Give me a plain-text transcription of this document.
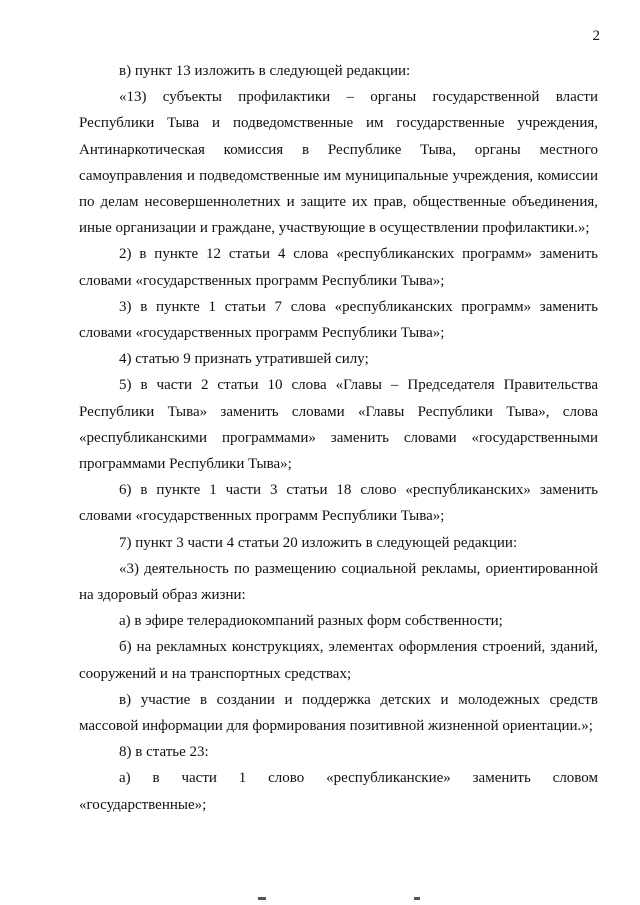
2

в) пункт 13 изложить в следующей редакции:

«13) субъекты профилактики – органы государственной власти Республики Тыва и подведомственные им государственные учреждения, Антинаркотическая комиссия в Республике Тыва, органы местного самоуправления и подведомственные им муниципальные учреждения, комиссии по делам несовершеннолетних и защите их прав, общественные объединения, иные организации и граждане, участвующие в осуществлении профилактики.»;

2) в пункте 12 статьи 4 слова «республиканских программ» заменить словами «государственных программ Республики Тыва»;

3) в пункте 1 статьи 7 слова «республиканских программ» заменить словами «государственных программ Республики Тыва»;

4) статью 9 признать утратившей силу;

5) в части 2 статьи 10 слова «Главы – Председателя Правительства Республики Тыва» заменить словами «Главы Республики Тыва», слова «республиканскими программами» заменить словами «государственными программами Республики Тыва»;

6) в пункте 1 части 3 статьи 18 слово «республиканских» заменить словами «государственных программ Республики Тыва»;

7) пункт 3 части 4 статьи 20 изложить в следующей редакции:

«3) деятельность по размещению социальной рекламы, ориентированной на здоровый образ жизни:

а) в эфире телерадиокомпаний разных форм собственности;

б) на рекламных конструкциях, элементах оформления строений, зданий, сооружений и на транспортных средствах;

в) участие в создании и поддержка детских и молодежных средств массовой информации для формирования позитивной жизненной ориентации.»;

8) в статье 23:

а) в части 1 слово «республиканские» заменить словом «государственные»;
